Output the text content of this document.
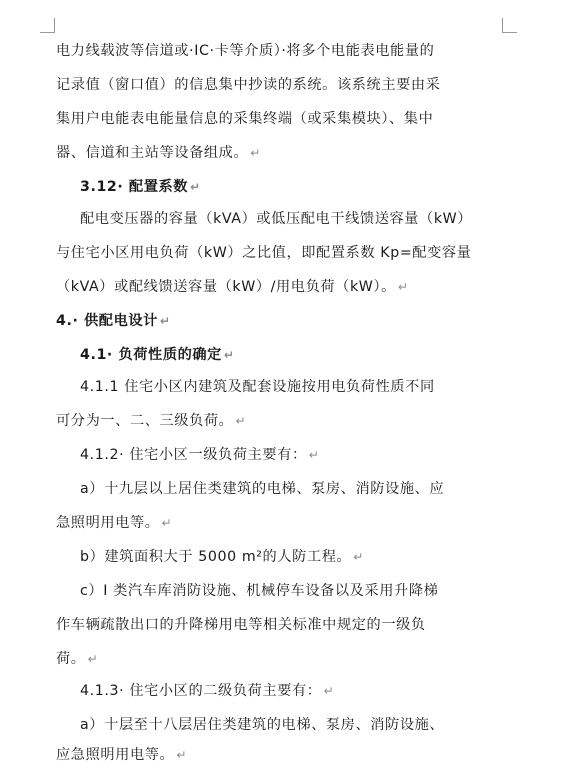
电力线载波等信道或·IC·卡等介质）·将多个电能表电能量的
记录值（窗口值）的信息集中抄读的系统。该系统主要由采
集用户电能表电能量信息的采集终端（或采集模块）、集中
器、信道和主站等设备组成。 ↵
3.12· 配置系数 ↵
配电变压器的容量（kVA）或低压配电干线馈送容量（kW）
与住宅小区用电负荷（kW）之比值，即配置系数 Kp=配变容量
（kVA）或配线馈送容量（kW）/用电负荷（kW）。 ↵
4.· 供配电设计 ↵
4.1· 负荷性质的确定 ↵
4.1.1 住宅小区内建筑及配套设施按用电负荷性质不同
可分为一、二、三级负荷。 ↵
4.1.2· 住宅小区一级负荷主要有： ↵
a）十九层以上居住类建筑的电梯、泵房、消防设施、应
急照明用电等。 ↵
b）建筑面积大于 5000 m²的人防工程。 ↵
c）I 类汽车库消防设施、机械停车设备以及采用升降梯
作车辆疏散出口的升降梯用电等相关标准中规定的一级负
荷。 ↵
4.1.3· 住宅小区的二级负荷主要有： ↵
a）十层至十八层居住类建筑的电梯、泵房、消防设施、
应急照明用电等。 ↵
